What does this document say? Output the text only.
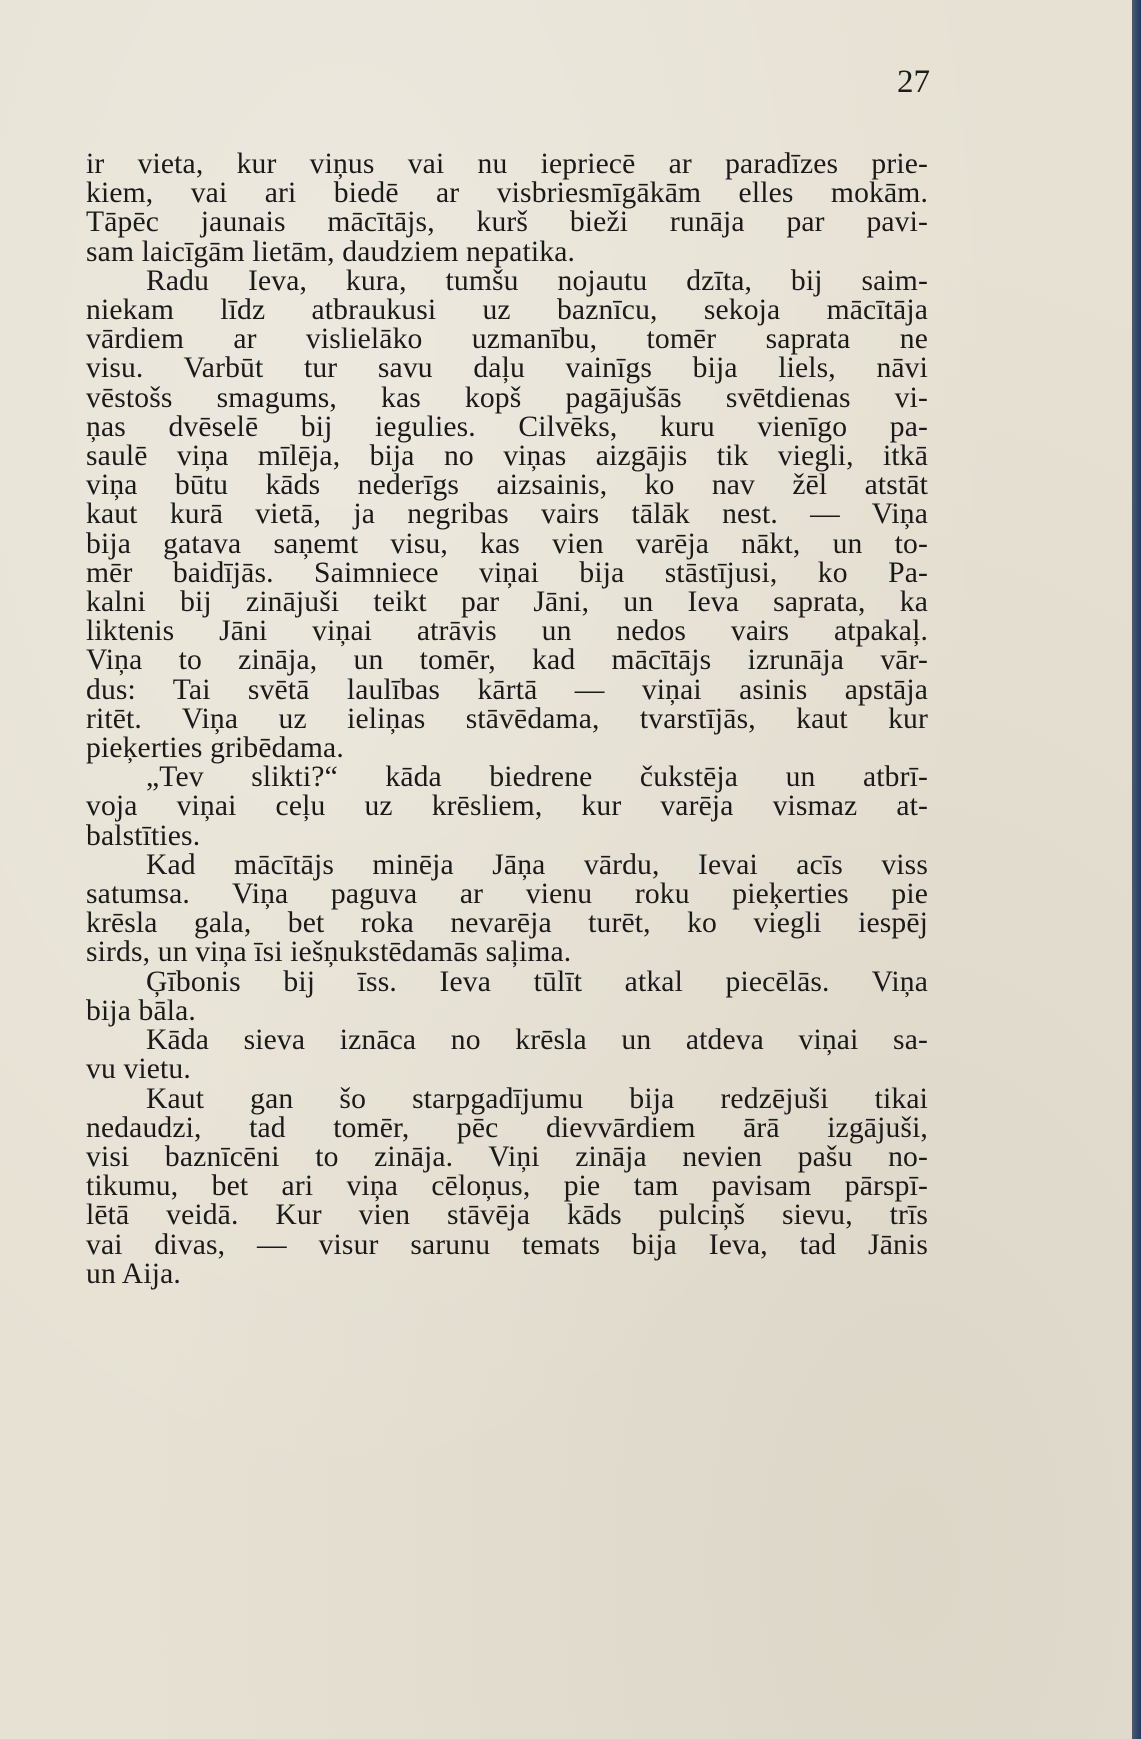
27

ir vieta, kur viņus vai nu iepriecē ar paradīzes prie-
kiem, vai ari biedē ar visbriesmīgākām elles mokām.
Tāpēc jaunais mācītājs, kurš bieži runāja par pavi-
sam laicīgām lietām, daudziem nepatika.

Radu Ieva, kura, tumšu nojautu dzīta, bij saim-
niekam līdz atbraukusi uz baznīcu, sekoja mācītāja
vārdiem ar vislielāko uzmanību, tomēr saprata ne
visu. Varbūt tur savu daļu vainīgs bija liels, nāvi
vēstošs smagums, kas kopš pagājušās svētdienas vi-
ņas dvēselē bij iegulies. Cilvēks, kuru vienīgo pa-
saulē viņa mīlēja, bija no viņas aizgājis tik viegli, itkā
viņa būtu kāds nederīgs aizsainis, ko nav žēl atstāt
kaut kurā vietā, ja negribas vairs tālāk nest. — Viņa
bija gatava saņemt visu, kas vien varēja nākt, un to-
mēr baidījās. Saimniece viņai bija stāstījusi, ko Pa-
kalni bij zinājuši teikt par Jāni, un Ieva saprata, ka
liktenis Jāni viņai atrāvis un nedos vairs atpakaļ.
Viņa to zināja, un tomēr, kad mācītājs izrunāja vār-
dus: Tai svētā laulības kārtā — viņai asinis apstāja
ritēt. Viņa uz ieliņas stāvēdama, tvarstījās, kaut kur
pieķerties gribēdama.

„Tev slikti?“ kāda biedrene čukstēja un atbrī-
voja viņai ceļu uz krēsliem, kur varēja vismaz at-
balstīties.

Kad mācītājs minēja Jāņa vārdu, Ievai acīs viss
satumsa. Viņa paguva ar vienu roku pieķerties pie
krēsla gala, bet roka nevarēja turēt, ko viegli iespēj
sirds, un viņa īsi iešņukstēdamās saļima.

Ģībonis bij īss. Ieva tūlīt atkal piecēlās. Viņa
bija bāla.

Kāda sieva iznāca no krēsla un atdeva viņai sa-
vu vietu.

Kaut gan šo starpgadījumu bija redzējuši tikai
nedaudzi, tad tomēr, pēc dievvārdiem ārā izgājuši,
visi baznīcēni to zināja. Viņi zināja nevien pašu no-
tikumu, bet ari viņa cēloņus, pie tam pavisam pārspī-
lētā veidā. Kur vien stāvēja kāds pulciņš sievu, trīs
vai divas, — visur sarunu temats bija Ieva, tad Jānis
un Aija.
